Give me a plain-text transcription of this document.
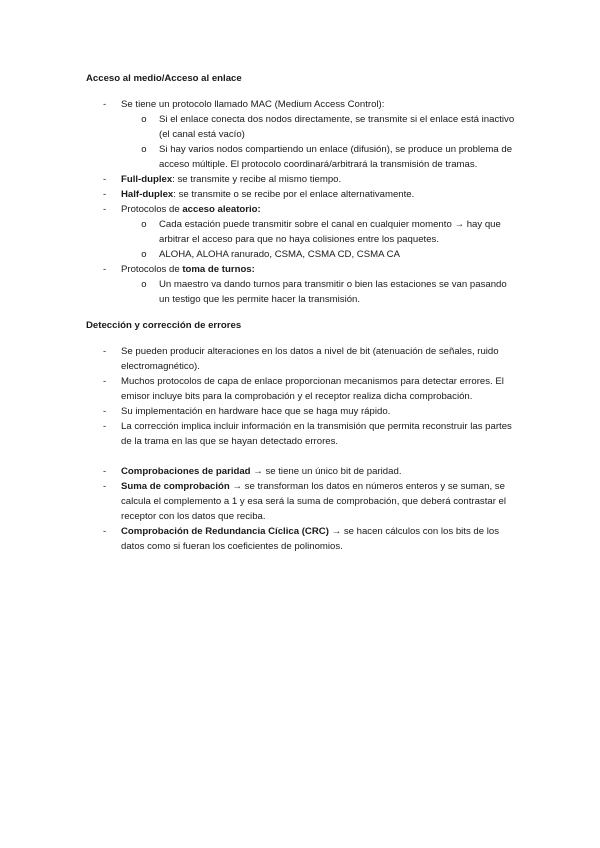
Acceso al medio/Acceso al enlace
- Se tiene un protocolo llamado MAC (Medium Access Control):
o Si el enlace conecta dos nodos directamente, se transmite si el enlace está inactivo (el canal está vacío)
o Si hay varios nodos compartiendo un enlace (difusión), se produce un problema de acceso múltiple. El protocolo coordinará/arbitrará la transmisión de tramas.
- Full-duplex: se transmite y recibe al mismo tiempo.
- Half-duplex: se transmite o se recibe por el enlace alternativamente.
- Protocolos de acceso aleatorio:
o Cada estación puede transmitir sobre el canal en cualquier momento → hay que arbitrar el acceso para que no haya colisiones entre los paquetes.
o ALOHA, ALOHA ranurado, CSMA, CSMA CD, CSMA CA
- Protocolos de toma de turnos:
o Un maestro va dando turnos para transmitir o bien las estaciones se van pasando un testigo que les permite hacer la transmisión.
Detección y corrección de errores
- Se pueden producir alteraciones en los datos a nivel de bit (atenuación de señales, ruido electromagnético).
- Muchos protocolos de capa de enlace proporcionan mecanismos para detectar errores. El emisor incluye bits para la comprobación y el receptor realiza dicha comprobación.
- Su implementación en hardware hace que se haga muy rápido.
- La corrección implica incluir información en la transmisión que permita reconstruir las partes de la trama en las que se hayan detectado errores.
- Comprobaciones de paridad → se tiene un único bit de paridad.
- Suma de comprobación → se transforman los datos en números enteros y se suman, se calcula el complemento a 1 y esa será la suma de comprobación, que deberá contrastar el receptor con los datos que reciba.
- Comprobación de Redundancia Cíclica (CRC) → se hacen cálculos con los bits de los datos como si fueran los coeficientes de polinomios.
